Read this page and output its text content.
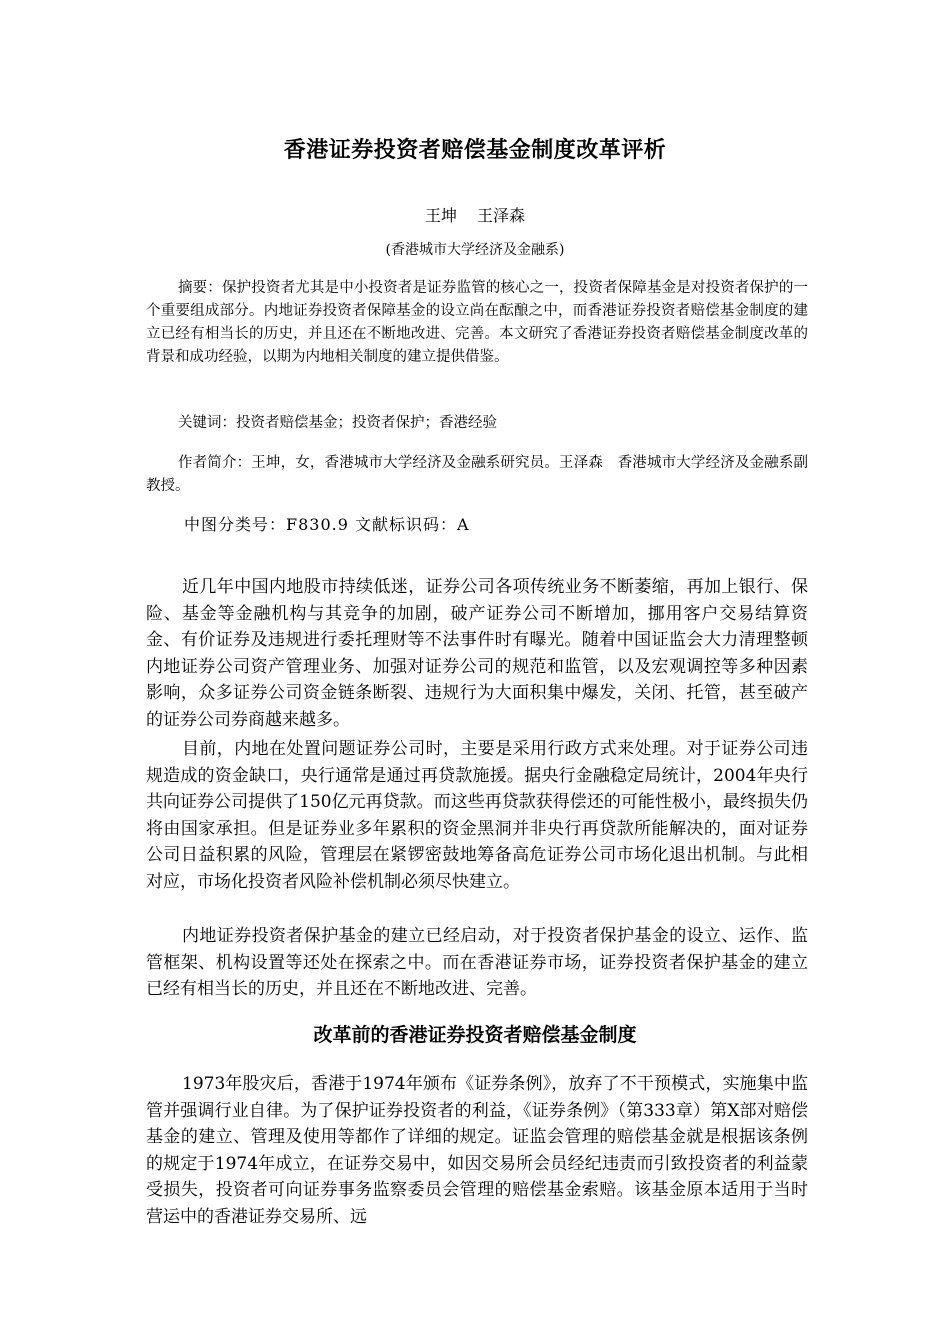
香港证券投资者赔偿基金制度改革评析
王坤 王泽森
(香港城市大学经济及金融系)
摘要：保护投资者尤其是中小投资者是证券监管的核心之一，投资者保障基金是对投资者保护的一个重要组成部分。内地证券投资者保障基金的设立尚在酝酿之中，而香港证券投资者赔偿基金制度的建立已经有相当长的历史，并且还在不断地改进、完善。本文研究了香港证券投资者赔偿基金制度改革的背景和成功经验，以期为内地相关制度的建立提供借鉴。
关键词：投资者赔偿基金；投资者保护；香港经验
作者简介：王坤，女，香港城市大学经济及金融系研究员。王泽森　香港城市大学经济及金融系副教授。
中图分类号：F830.9 文献标识码：A
近几年中国内地股市持续低迷，证券公司各项传统业务不断萎缩，再加上银行、保险、基金等金融机构与其竞争的加剧，破产证券公司不断增加，挪用客户交易结算资金、有价证券及违规进行委托理财等不法事件时有曝光。随着中国证监会大力清理整顿内地证券公司资产管理业务、加强对证券公司的规范和监管，以及宏观调控等多种因素影响，众多证券公司资金链条断裂、违规行为大面积集中爆发，关闭、托管，甚至破产的证券公司券商越来越多。
目前，内地在处置问题证券公司时，主要是采用行政方式来处理。对于证券公司违规造成的资金缺口，央行通常是通过再贷款施援。据央行金融稳定局统计，2004年央行共向证券公司提供了150亿元再贷款。而这些再贷款获得偿还的可能性极小，最终损失仍将由国家承担。但是证券业多年累积的资金黑洞并非央行再贷款所能解决的，面对证券公司日益积累的风险，管理层在紧锣密鼓地筹备高危证券公司市场化退出机制。与此相对应，市场化投资者风险补偿机制必须尽快建立。
内地证券投资者保护基金的建立已经启动，对于投资者保护基金的设立、运作、监管框架、机构设置等还处在探索之中。而在香港证券市场，证券投资者保护基金的建立已经有相当长的历史，并且还在不断地改进、完善。
改革前的香港证券投资者赔偿基金制度
1973年股灾后，香港于1974年颁布《证券条例》，放弃了不干预模式，实施集中监管并强调行业自律。为了保护证券投资者的利益，《证券条例》（第333章）第Ⅹ部对赔偿基金的建立、管理及使用等都作了详细的规定。证监会管理的赔偿基金就是根据该条例的规定于1974年成立，在证券交易中，如因交易所会员经纪违责而引致投资者的利益蒙受损失，投资者可向证券事务监察委员会管理的赔偿基金索赔。该基金原本适用于当时营运中的香港证券交易所、远
